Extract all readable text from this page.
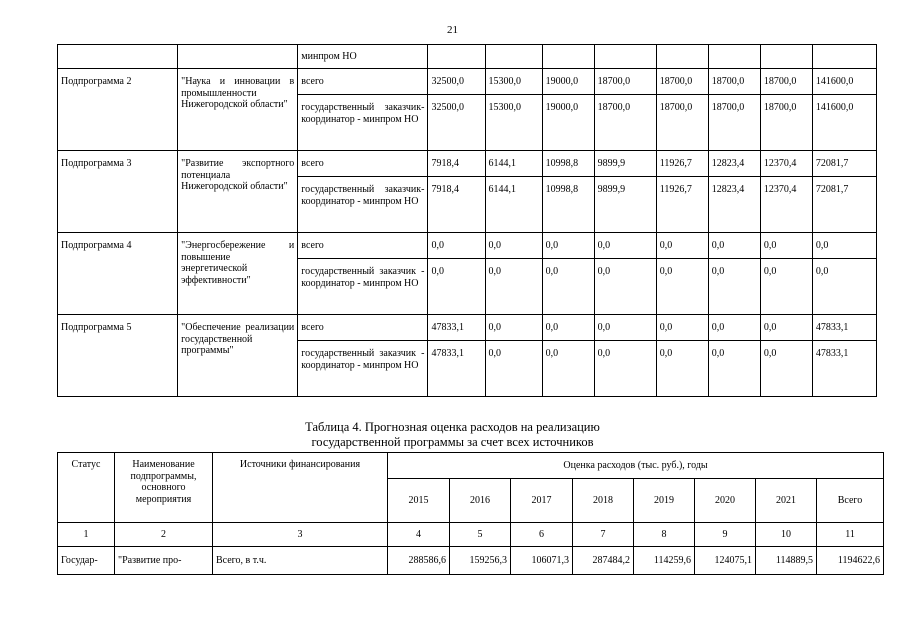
21
		минпром НО								
Подпрограмма 2	"Наука и инновации в промышленности Нижегородской области"	всего	32500,0	15300,0	19000,0	18700,0	18700,0	18700,0	18700,0	141600,0
		государственный заказчик-координатор - минпром НО	32500,0	15300,0	19000,0	18700,0	18700,0	18700,0	18700,0	141600,0
Подпрограмма 3	"Развитие экспортного потенциала Нижегородской области"	всего	7918,4	6144,1	10998,8	9899,9	11926,7	12823,4	12370,4	72081,7
		государственный заказчик-координатор - минпром НО	7918,4	6144,1	10998,8	9899,9	11926,7	12823,4	12370,4	72081,7
Подпрограмма 4	"Энергосбережение и повышение энергетической эффективности"	всего	0,0	0,0	0,0	0,0	0,0	0,0	0,0	0,0
		государственный заказчик - координатор - минпром НО	0,0	0,0	0,0	0,0	0,0	0,0	0,0	0,0
Подпрограмма 5	"Обеспечение реализации государственной программы"	всего	47833,1	0,0	0,0	0,0	0,0	0,0	0,0	47833,1
		государственный заказчик - координатор - минпром НО	47833,1	0,0	0,0	0,0	0,0	0,0	0,0	47833,1
Таблица 4. Прогнозная оценка расходов на реализацию
государственной программы за счет всех источников
Статус	Наименование подпрограммы, основного мероприятия	Источники финансирования	Оценка расходов (тыс. руб.), годы							
			2015	2016	2017	2018	2019	2020	2021	Всего
1	2	3	4	5	6	7	8	9	10	11
Государ-	"Развитие про-	Всего, в т.ч.	288586,6	159256,3	106071,3	287484,2	114259,6	124075,1	114889,5	1194622,6
